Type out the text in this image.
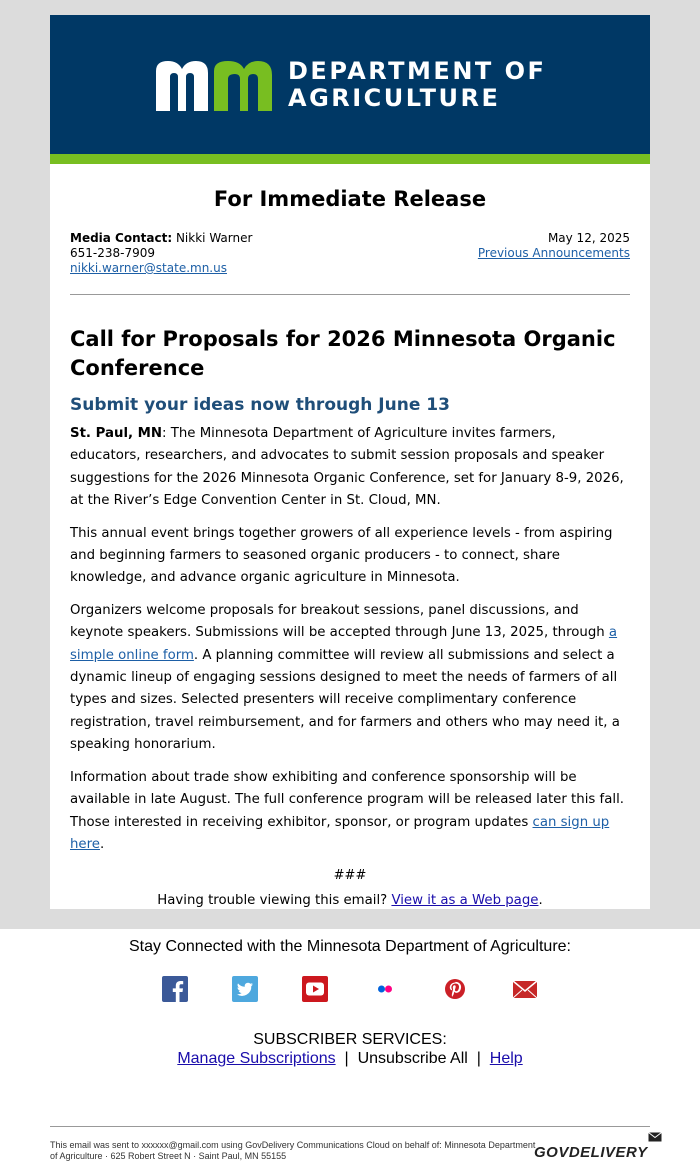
DEPARTMENT OF
AGRICULTURE
For Immediate Release
Media Contact: Nikki Warner
651-238-7909
nikki.warner@state.mn.us
May 12, 2025
Previous Announcements
Call for Proposals for 2026 Minnesota Organic Conference
Submit your ideas now through June 13

St. Paul, MN: The Minnesota Department of Agriculture invites farmers, educators, researchers, and advocates to submit session proposals and speaker suggestions for the 2026 Minnesota Organic Conference, set for January 8-9, 2026, at the River’s Edge Convention Center in St. Cloud, MN.

This annual event brings together growers of all experience levels - from aspiring and beginning farmers to seasoned organic producers - to connect, share knowledge, and advance organic agriculture in Minnesota.

Organizers welcome proposals for breakout sessions, panel discussions, and keynote speakers. Submissions will be accepted through June 13, 2025, through a simple online form. A planning committee will review all submissions and select a dynamic lineup of engaging sessions designed to meet the needs of farmers of all types and sizes. Selected presenters will receive complimentary conference registration, travel reimbursement, and for farmers and others who may need it, a speaking honorarium.

Information about trade show exhibiting and conference sponsorship will be available in late August. The full conference program will be released later this fall. Those interested in receiving exhibitor, sponsor, or program updates can sign up here.

###
Having trouble viewing this email? View it as a Web page.
Stay Connected with the Minnesota Department of Agriculture:
SUBSCRIBER SERVICES:
Manage Subscriptions  |  Unsubscribe All  |  Help
This email was sent to xxxxxx@gmail.com using GovDelivery Communications Cloud on behalf of: Minnesota Department of Agriculture · 625 Robert Street N · Saint Paul, MN 55155	GOVDELIVERY
